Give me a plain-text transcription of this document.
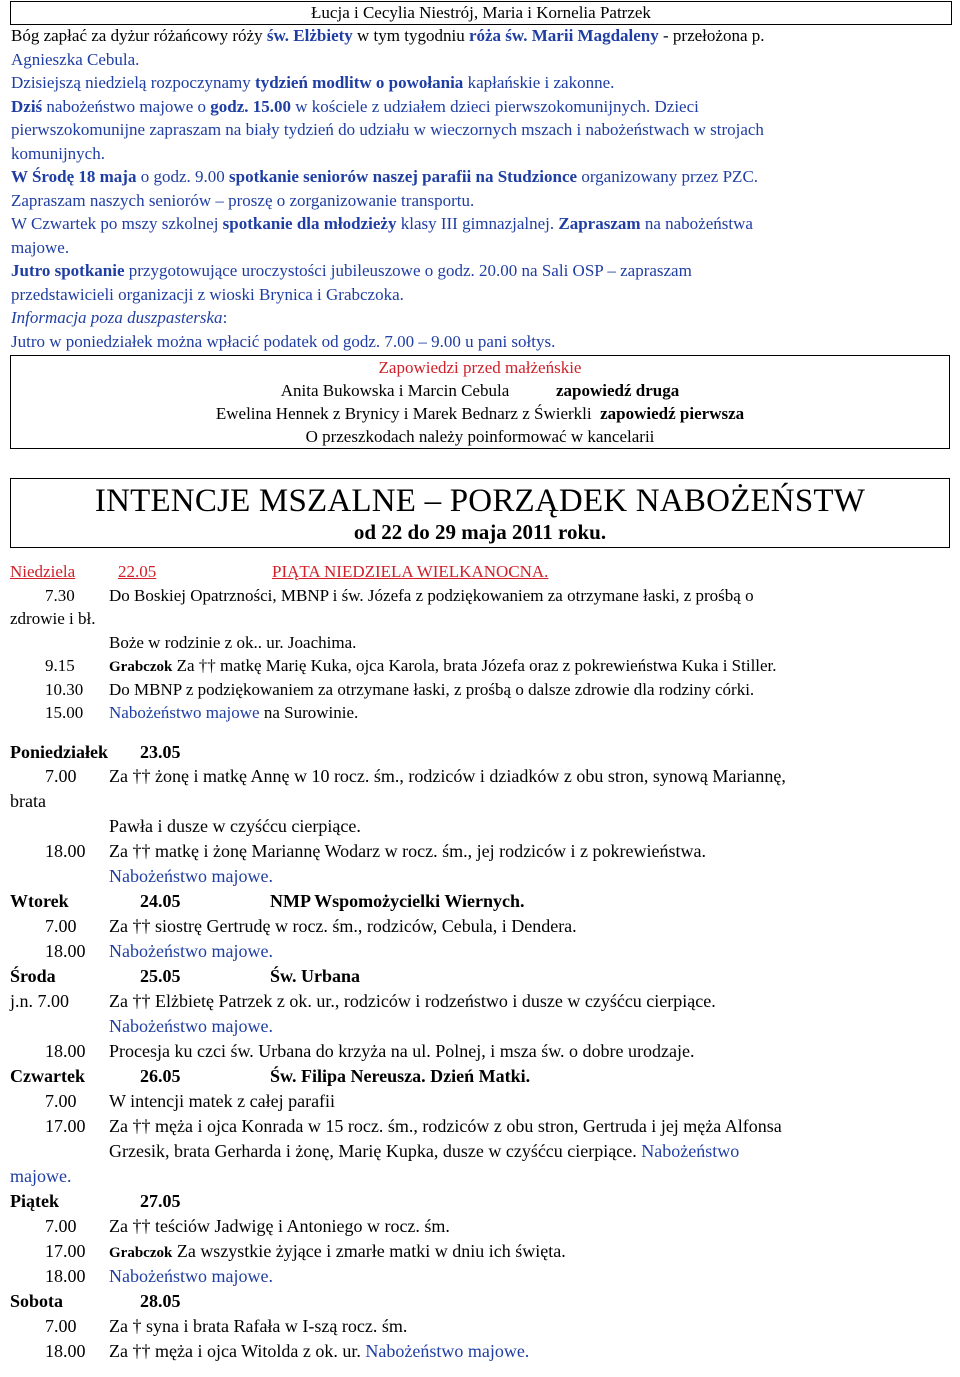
Łucja i Cecylia Niestrój, Maria i Kornelia Patrzek

Bóg zapłać za dyżur różańcowy róży św. Elżbiety w tym tygodniu róża św. Marii Magdaleny - przełożona p.

Agnieszka Cebula.

Dzisiejszą niedzielą rozpoczynamy tydzień modlitw o powołania kapłańskie i zakonne.

Dziś nabożeństwo majowe o godz. 15.00 w kościele z udziałem dzieci pierwszokomunijnych. Dzieci

pierwszokomunijne zapraszam na biały tydzień do udziału w wieczornych mszach i nabożeństwach w strojach

komunijnych.

W Środę 18 maja o godz. 9.00 spotkanie seniorów naszej parafii na Studzionce organizowany przez PZC.

Zapraszam naszych seniorów – proszę o zorganizowanie transportu.

W Czwartek po mszy szkolnej spotkanie dla młodzieży klasy III gimnazjalnej. Zapraszam na nabożeństwa

majowe.

Jutro spotkanie przygotowujące uroczystości jubileuszowe o godz. 20.00 na Sali OSP – zapraszam

przedstawicieli organizacji z wioski Brynica i Grabczoka.

Informacja poza duszpasterska:

Jutro w poniedziałek można wpłacić podatek od godz. 7.00 – 9.00 u pani sołtys.

Zapowiedzi przed małżeńskie
Anita Bukowska i Marcin Cebula	zapowiedź druga
Ewelina Hennek z Brynicy i Marek Bednarz z Świerkli zapowiedź pierwsza
O przeszkodach należy poinformować w kancelarii
INTENCJE MSZALNE – PORZĄDEK NABOŻEŃSTW
od 22 do 29 maja 2011 roku.
Niedziela	22.05	PIĄTA NIEDZIELA WIELKANOCNA.
7.30 Do Boskiej Opatrzności, MBNP i św. Józefa z podziękowaniem za otrzymane łaski, z prośbą o
zdrowie i bł.
Boże w rodzinie z ok.. ur. Joachima.
9.15 Grabczok Za †† matkę Marię Kuka, ojca Karola, brata Józefa oraz z pokrewieństwa Kuka i Stiller.
10.30 Do MBNP z podziękowaniem za otrzymane łaski, z prośbą o dalsze zdrowie dla rodziny córki.
15.00 Nabożeństwo majowe na Surowinie.
Poniedziałek 23.05
7.00 Za †† żonę i matkę Annę w 10 rocz. śm., rodziców i dziadków z obu stron, synową Mariannę,
brata
Pawła i dusze w czyśćcu cierpiące.
18.00 Za †† matkę i żonę Mariannę Wodarz w rocz. śm., jej rodziców i z pokrewieństwa.
Nabożeństwo majowe.
Wtorek	24.05	NMP Wspomożycielki Wiernych.
7.00 Za †† siostrę Gertrudę w rocz. śm., rodziców, Cebula, i Dendera.
18.00 Nabożeństwo majowe.
Środa	25.05	Św. Urbana
j.n. 7.00 Za †† Elżbietę Patrzek z ok. ur., rodziców i rodzeństwo i dusze w czyśćcu cierpiące.
Nabożeństwo majowe.
18.00 Procesja ku czci św. Urbana do krzyża na ul. Polnej, i msza św. o dobre urodzaje.
Czwartek	26.05	Św. Filipa Nereusza. Dzień Matki.
7.00 W intencji matek z całej parafii
17.00 Za †† męża i ojca Konrada w 15 rocz. śm., rodziców z obu stron, Gertruda i jej męża Alfonsa
Grzesik, brata Gerharda i żonę, Marię Kupka, dusze w czyśćcu cierpiące. Nabożeństwo
majowe.
Piątek	27.05
7.00 Za †† teściów Jadwigę i Antoniego w rocz. śm.
17.00 Grabczok Za wszystkie żyjące i zmarłe matki w dniu ich święta.
18.00 Nabożeństwo majowe.
Sobota	28.05
7.00 Za † syna i brata Rafała w I-szą rocz. śm.
18.00 Za †† męża i ojca Witolda z ok. ur. Nabożeństwo majowe.
